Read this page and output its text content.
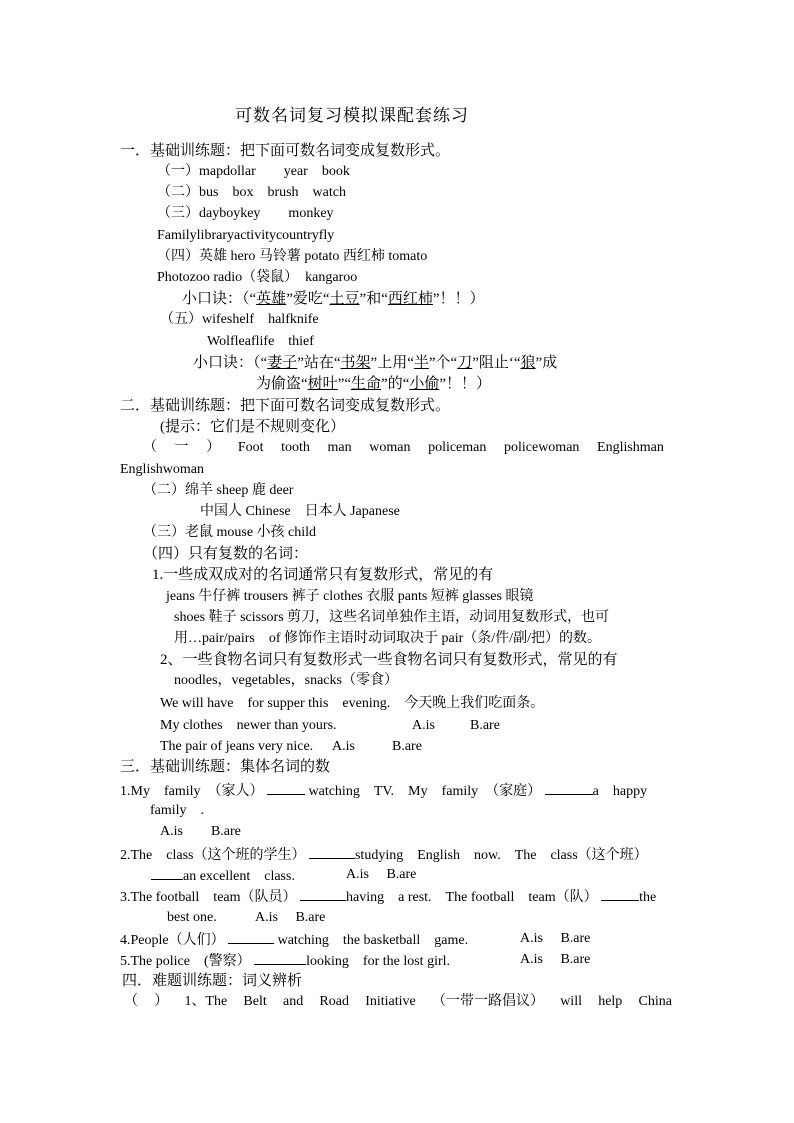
可数名词复习模拟课配套练习
一．基础训练题：把下面可数名词变成复数形式。
（一）mapdollar　　year　book
（二）bus　box　brush　watch
（三）dayboykey　　monkey
Familylibraryactivitycountryfly
（四）英雄 hero 马铃薯 potato 西红柿 tomato
Photozoo radio（袋鼠）　kangaroo
小口诀：（“英雄”爱吃“土豆”和“西红柿”！！）
（五）wifeshelf　halfknife
Wolfleaflife　thief
小口诀：（“妻子”站在“书架”上用“半”个“刀”阻止‘“狼”成
为偷盗“树叶”“生命”的“小偷”！！）
二．基础训练题：把下面可数名词变成复数形式。
(提示：它们是不规则变化）
（ 一 ） Foot tooth man woman policeman policewoman Englishman
Englishwoman
（二）绵羊 sheep 鹿 deer
中国人 Chinese　日本人 Japanese
（三）老鼠 mouse 小孩 child
（四）只有复数的名词：
1.一些成双成对的名词通常只有复数形式，常见的有
jeans 牛仔裤 trousers 裤子 clothes 衣服 pants 短裤 glasses 眼镜
shoes 鞋子 scissors 剪刀，这些名词单独作主语，动词用复数形式，也可
用…pair/pairs　of 修饰作主语时动词取决于 pair（条/件/副/把）的数。
2、一些食物名词只有复数形式一些食物名词只有复数形式，常见的有
noodles，vegetables，snacks（零食）
We will have　for supper this　evening.　今天晚上我们吃面条。
My clothes　newer than yours.	A.is	B.are
The pair of jeans very nice. A.is	B.are
三．基础训练题：集体名词的数
1.My　family　（家人）	watching　TV.　My　family　（家庭）	a　happy
family　.
A.is　　B.are
2.The　class（这个班的学生）	studying　English　now.　The　class（这个班）
an excellent　class.	A.is　 B.are
3.The football　team（队员）	having　a rest.　The football　team（队）	the
best one.	A.is　 B.are
4.People（人们）	watching　the basketball　game.	A.is　 B.are
5.The police　(警察）	looking　for the lost girl.	A.is　 B.are
四．难题训练题：词义辨析
（ ） 1、The Belt and Road Initiative （一带一路倡议） will help China
